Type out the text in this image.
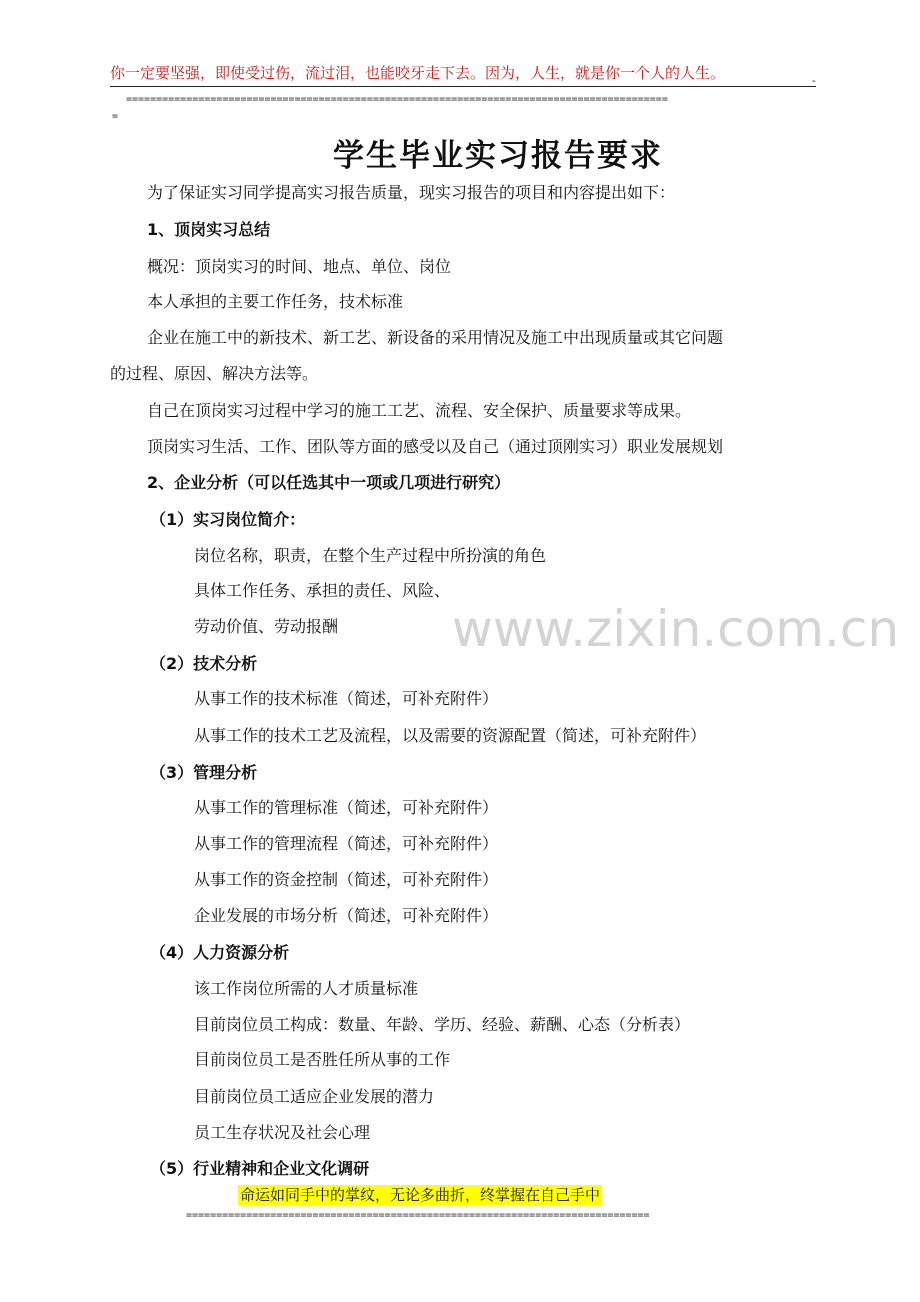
你一定要坚强，即使受过伤，流过泪，也能咬牙走下去。因为，人生，就是你一个人的人生。	-
==========================================================================================
=
学生毕业实习报告要求
为了保证实习同学提高实习报告质量，现实习报告的项目和内容提出如下：
1、顶岗实习总结
概况：顶岗实习的时间、地点、单位、岗位
本人承担的主要工作任务，技术标准
企业在施工中的新技术、新工艺、新设备的采用情况及施工中出现质量或其它问题
的过程、原因、解决方法等。
自己在顶岗实习过程中学习的施工工艺、流程、安全保护、质量要求等成果。
顶岗实习生活、工作、团队等方面的感受以及自己（通过顶刚实习）职业发展规划
2、企业分析（可以任选其中一项或几项进行研究）
（1）实习岗位简介：
岗位名称，职责，在整个生产过程中所扮演的角色
具体工作任务、承担的责任、风险、
劳动价值、劳动报酬
（2）技术分析
从事工作的技术标准（简述，可补充附件）
从事工作的技术工艺及流程，以及需要的资源配置（简述，可补充附件）
（3）管理分析
从事工作的管理标准（简述，可补充附件）
从事工作的管理流程（简述，可补充附件）
从事工作的资金控制（简述，可补充附件）
企业发展的市场分析（简述，可补充附件）
（4）人力资源分析
该工作岗位所需的人才质量标准
目前岗位员工构成：数量、年龄、学历、经验、薪酬、心态（分析表）
目前岗位员工是否胜任所从事的工作
目前岗位员工适应企业发展的潜力
员工生存状况及社会心理
（5）行业精神和企业文化调研
www.zixin.com.cn
命运如同手中的掌纹，无论多曲折，终掌握在自己手中
=============================================================================
